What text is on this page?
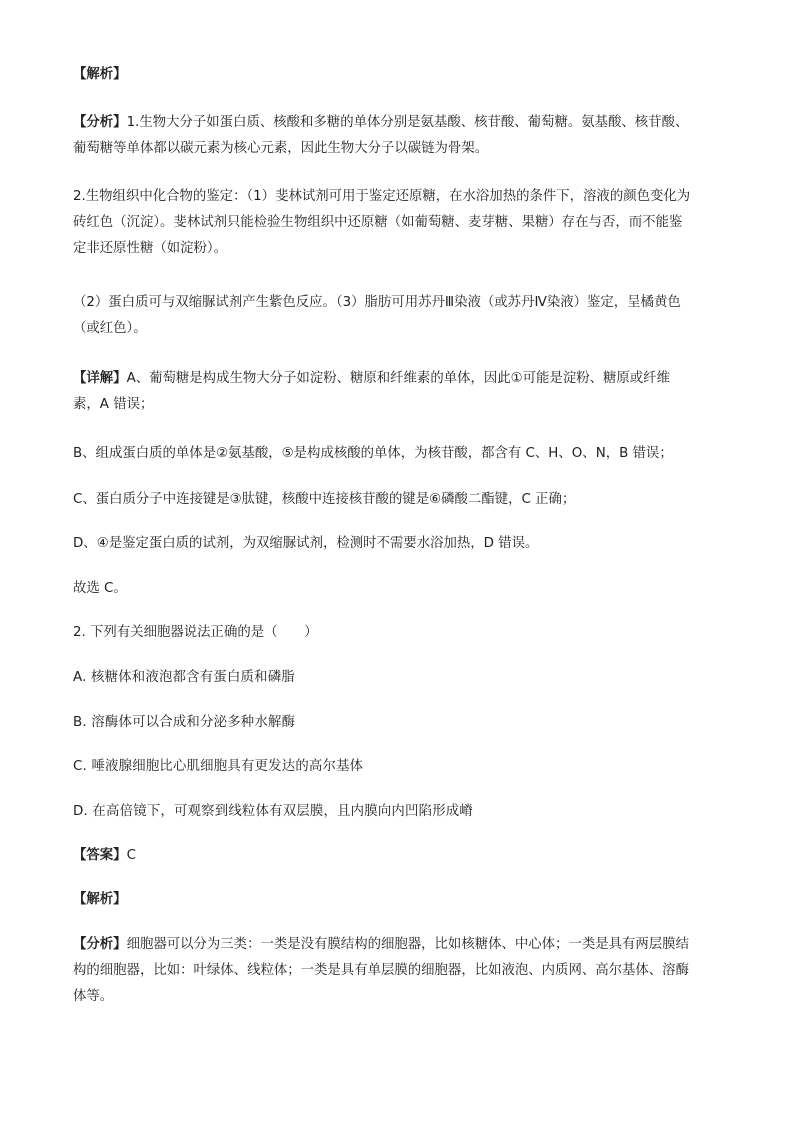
【解析】

【分析】1.生物大分子如蛋白质、核酸和多糖的单体分别是氨基酸、核苷酸、葡萄糖。氨基酸、核苷酸、
葡萄糖等单体都以碳元素为核心元素，因此生物大分子以碳链为骨架。

2.生物组织中化合物的鉴定：（1）斐林试剂可用于鉴定还原糖，在水浴加热的条件下，溶液的颜色变化为
砖红色（沉淀）。斐林试剂只能检验生物组织中还原糖（如葡萄糖、麦芽糖、果糖）存在与否，而不能鉴
定非还原性糖（如淀粉）。

（2）蛋白质可与双缩脲试剂产生紫色反应。（3）脂肪可用苏丹Ⅲ染液（或苏丹Ⅳ染液）鉴定，呈橘黄色
（或红色）。

【详解】A、葡萄糖是构成生物大分子如淀粉、糖原和纤维素的单体，因此①可能是淀粉、糖原或纤维
素，A 错误；

B、组成蛋白质的单体是②氨基酸，⑤是构成核酸的单体，为核苷酸，都含有 C、H、O、N，B 错误；

C、蛋白质分子中连接键是③肽键，核酸中连接核苷酸的键是⑥磷酸二酯键，C 正确；

D、④是鉴定蛋白质的试剂，为双缩脲试剂，检测时不需要水浴加热，D 错误。

故选 C。

2. 下列有关细胞器说法正确的是（　　）

A. 核糖体和液泡都含有蛋白质和磷脂

B. 溶酶体可以合成和分泌多种水解酶

C. 唾液腺细胞比心肌细胞具有更发达的高尔基体

D. 在高倍镜下，可观察到线粒体有双层膜，且内膜向内凹陷形成嵴

【答案】C

【解析】

【分析】细胞器可以分为三类：一类是没有膜结构的细胞器，比如核糖体、中心体；一类是具有两层膜结
构的细胞器，比如：叶绿体、线粒体；一类是具有单层膜的细胞器，比如液泡、内质网、高尔基体、溶酶
体等。
